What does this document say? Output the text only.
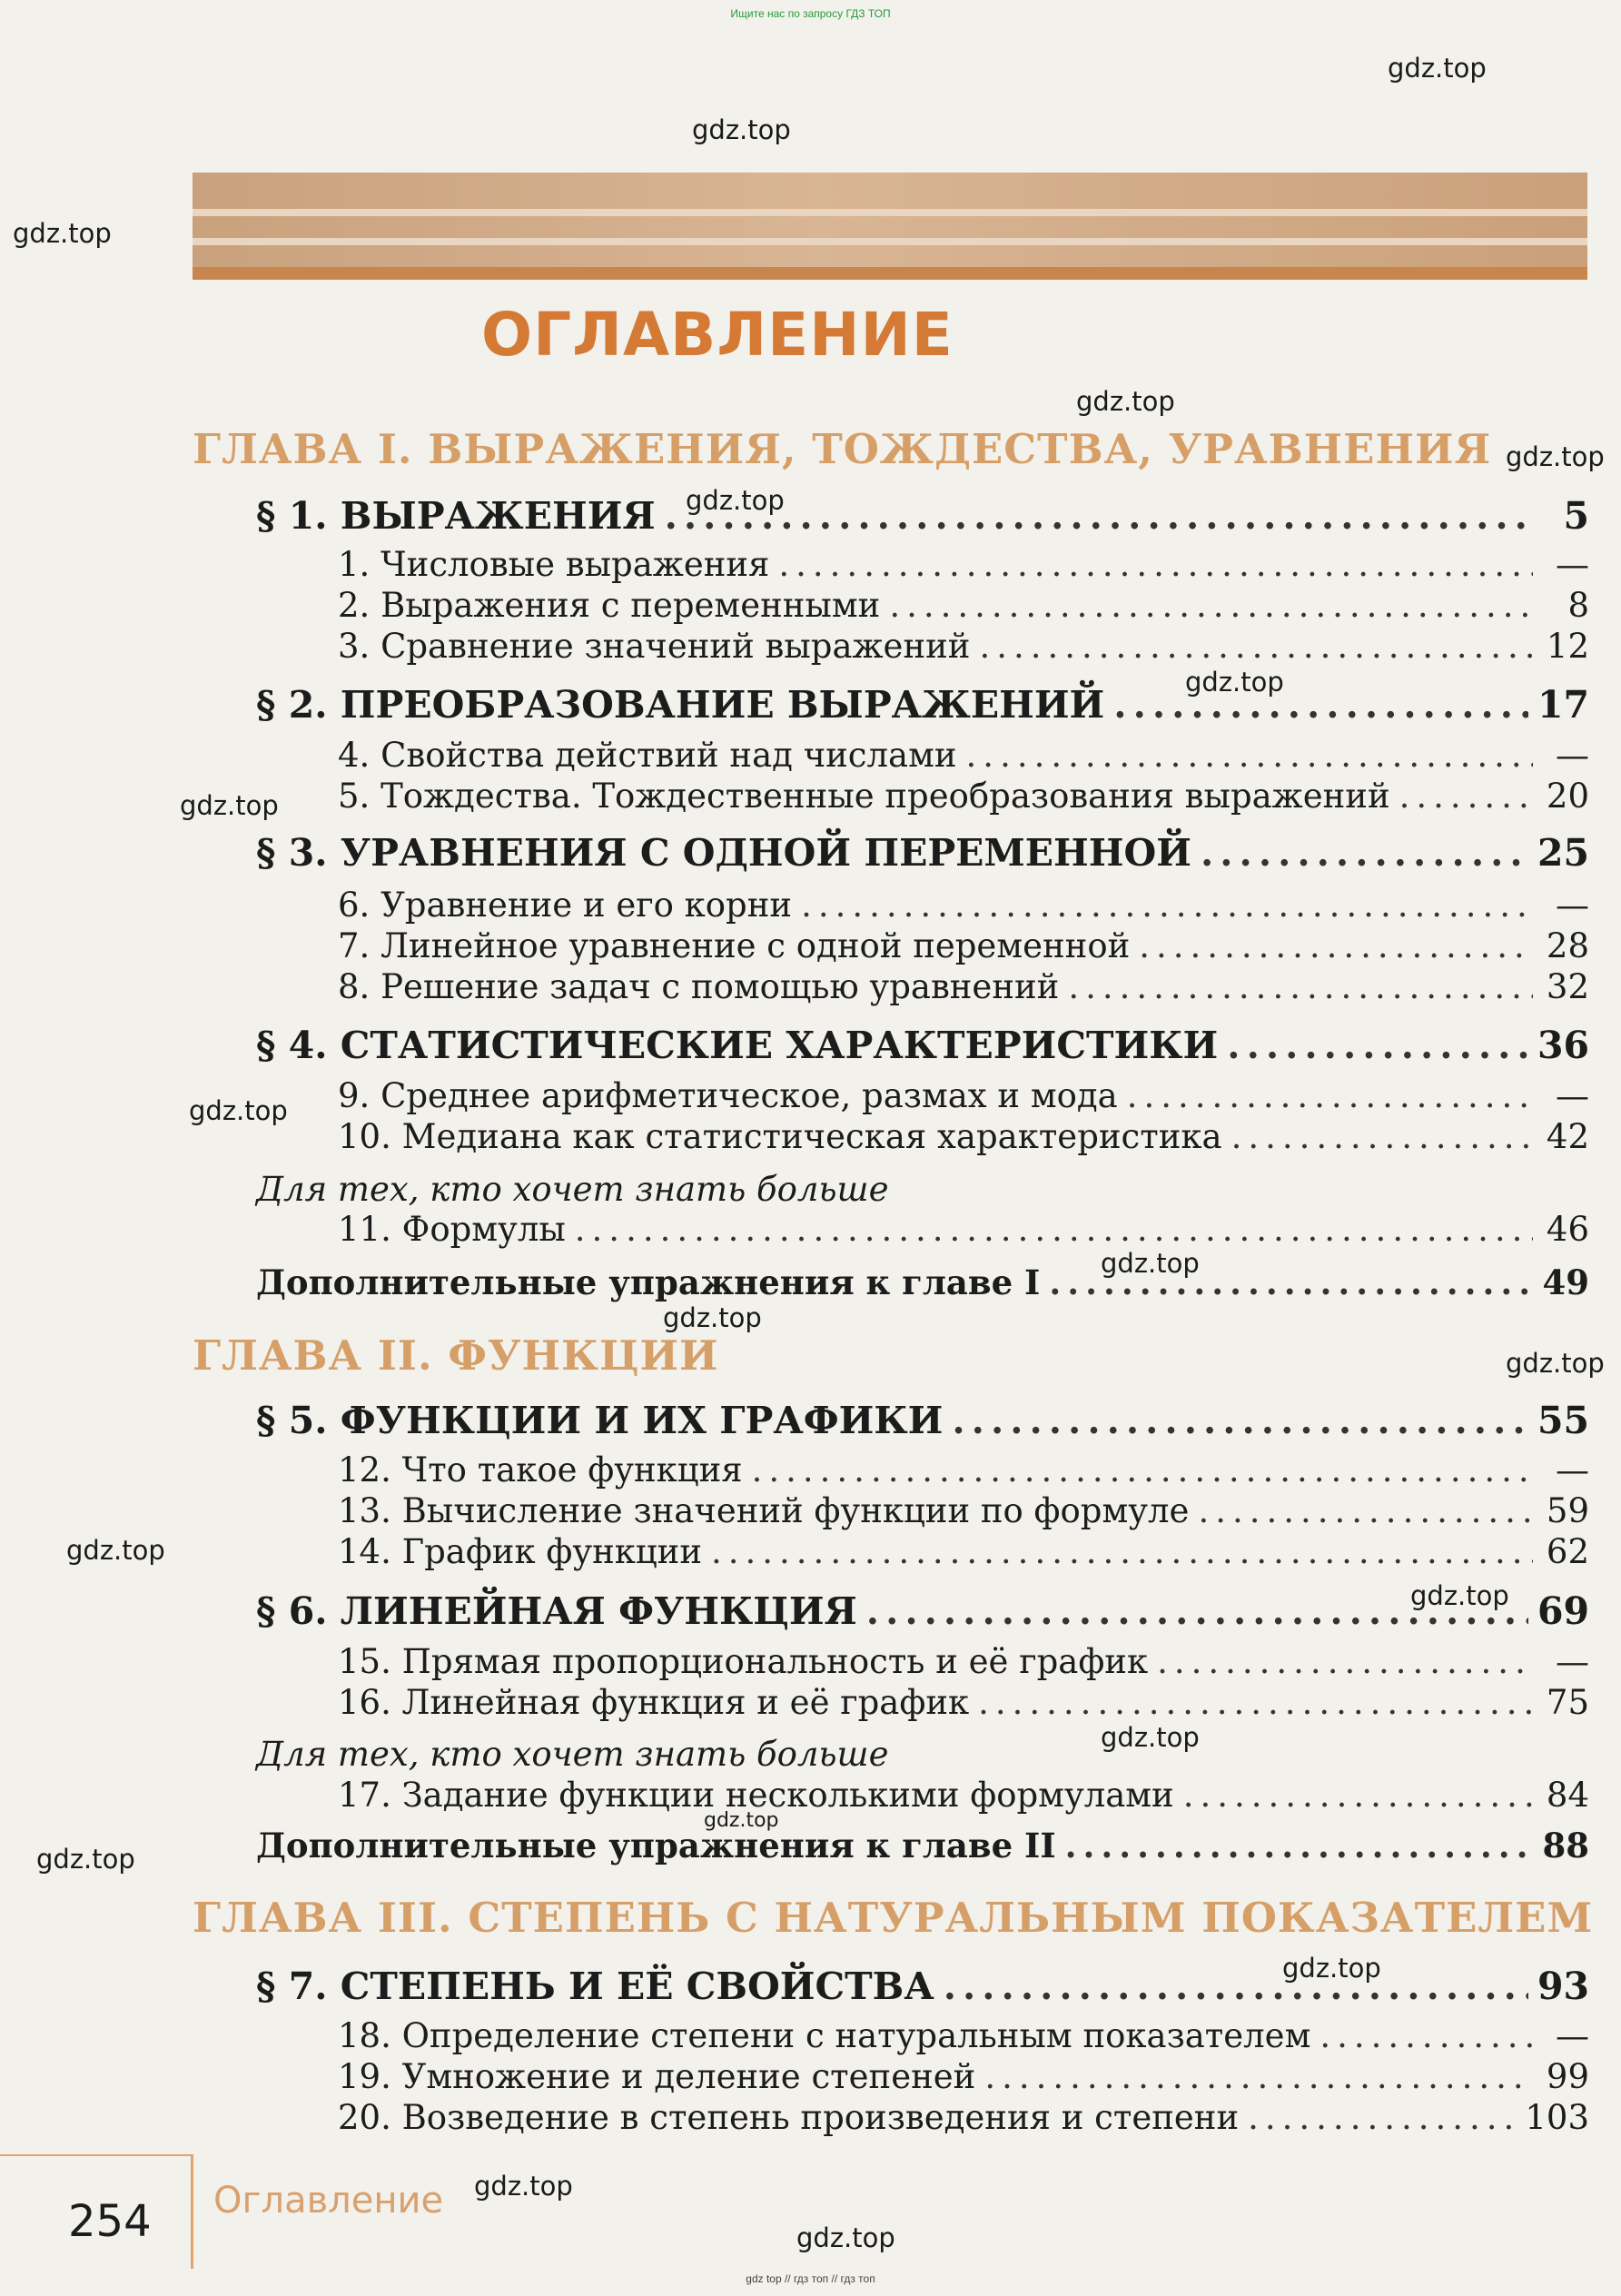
Ищите нас по запросу ГДЗ ТОП
ОГЛАВЛЕНИЕ
ГЛАВА I. ВЫРАЖЕНИЯ, ТОЖДЕСТВА, УРАВНЕНИЯ
§ 1. ВЫРАЖЕНИЯ .....	5
1. Числовые выражения .....	—
2. Выражения с переменными .....	8
3. Сравнение значений выражений .....	12
§ 2. ПРЕОБРАЗОВАНИЕ ВЫРАЖЕНИЙ .....	17
4. Свойства действий над числами .....	—
5. Тождества. Тождественные преобразования выражений .....	20
§ 3. УРАВНЕНИЯ С ОДНОЙ ПЕРЕМЕННОЙ .....	25
6. Уравнение и его корни .....	—
7. Линейное уравнение с одной переменной .....	28
8. Решение задач с помощью уравнений .....	32
§ 4. СТАТИСТИЧЕСКИЕ ХАРАКТЕРИСТИКИ .....	36
9. Среднее арифметическое, размах и мода .....	—
10. Медиана как статистическая характеристика .....	42
Для тех, кто хочет знать больше
11. Формулы .....	46
Дополнительные упражнения к главе I .....	49
ГЛАВА II. ФУНКЦИИ
§ 5. ФУНКЦИИ И ИХ ГРАФИКИ .....	55
12. Что такое функция .....	—
13. Вычисление значений функции по формуле .....	59
14. График функции .....	62
§ 6. ЛИНЕЙНАЯ ФУНКЦИЯ .....	69
15. Прямая пропорциональность и её график .....	—
16. Линейная функция и её график .....	75
Для тех, кто хочет знать больше
17. Задание функции несколькими формулами .....	84
Дополнительные упражнения к главе II .....	88
ГЛАВА III. СТЕПЕНЬ С НАТУРАЛЬНЫМ ПОКАЗАТЕЛЕМ
§ 7. СТЕПЕНЬ И ЕЁ СВОЙСТВА .....	93
18. Определение степени с натуральным показателем .....	—
19. Умножение и деление степеней .....	99
20. Возведение в степень произведения и степени .....	103
gdz.top
gdz.top
gdz.top
gdz.top
gdz.top
gdz.top
gdz.top
gdz.top
gdz.top
gdz.top
gdz.top
gdz.top
gdz.top
gdz.top
gdz.top
gdz.top
gdz.top
gdz.top
gdz.top
gdz.top
254 Оглавление
gdz top // гдз топ // гдз топ
